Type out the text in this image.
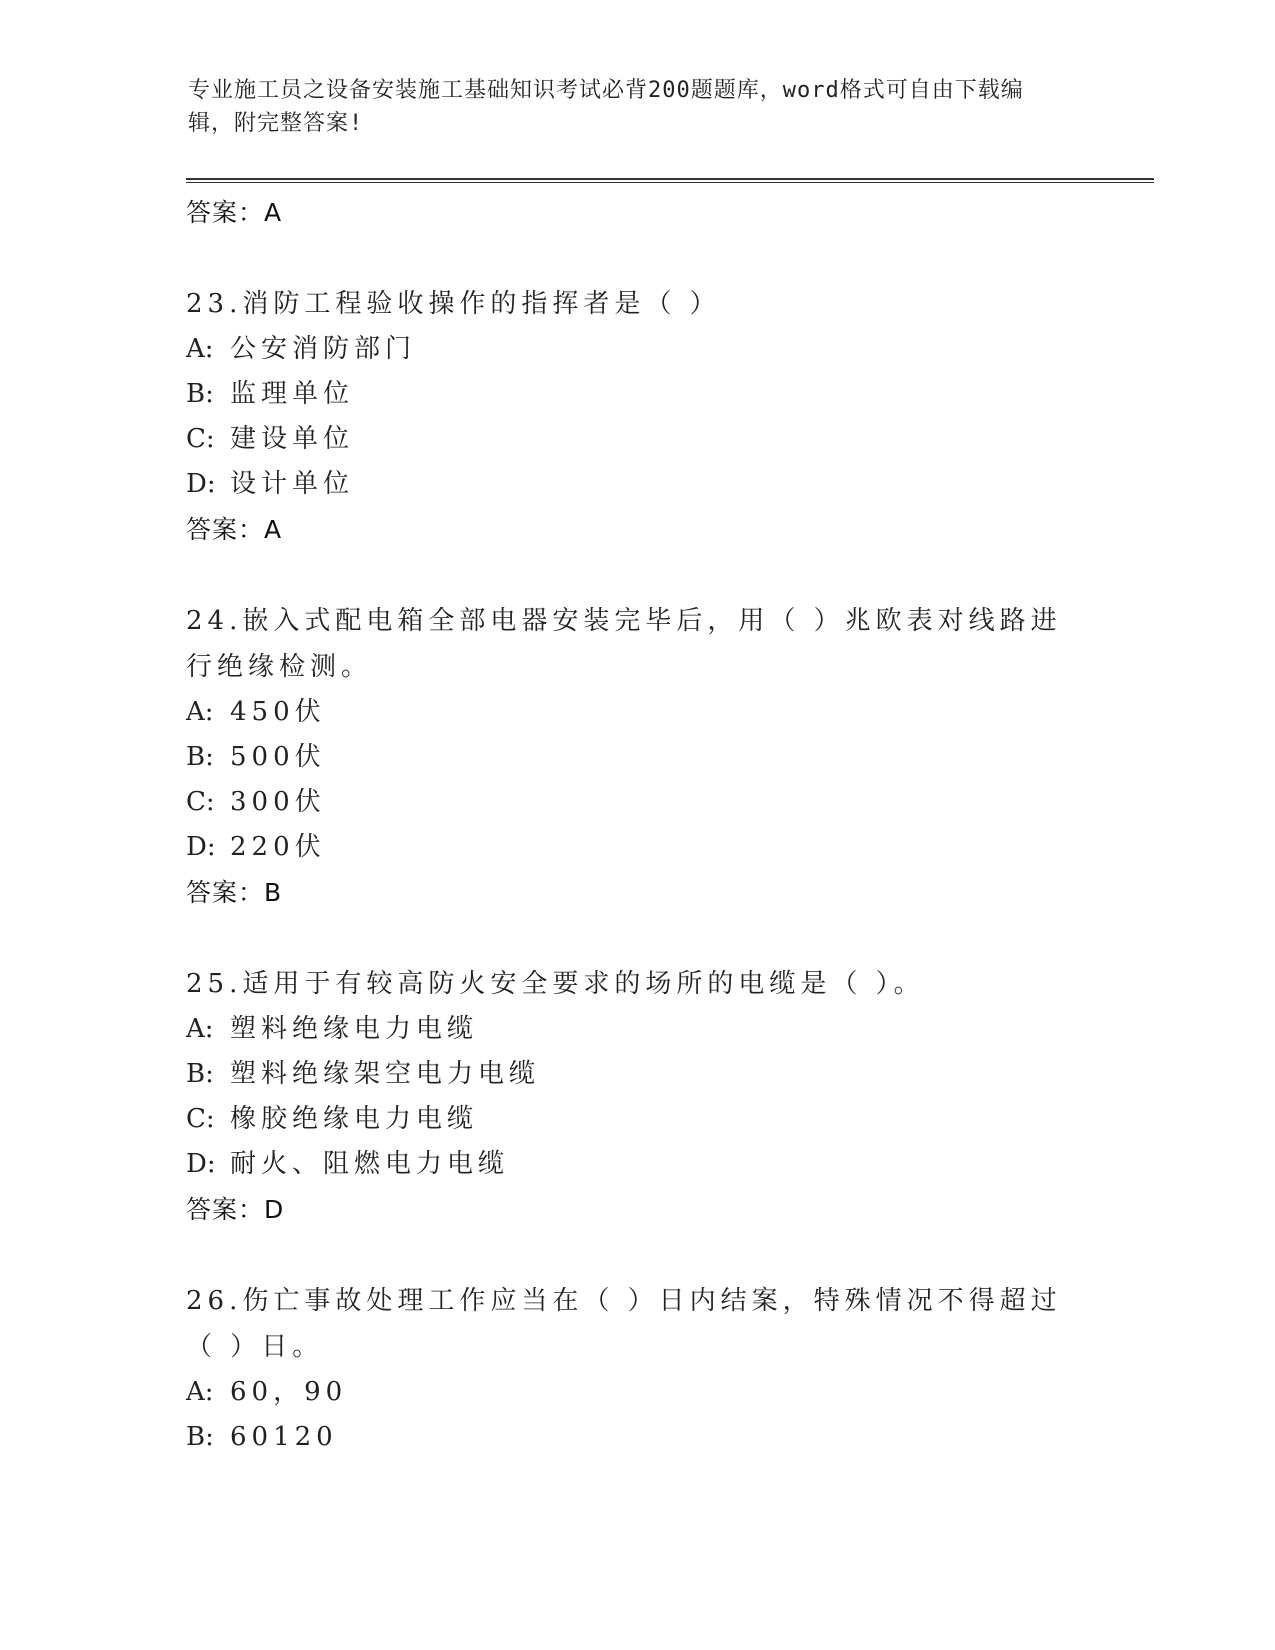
专业施工员之设备安装施工基础知识考试必背200题题库，word格式可自由下载编辑，附完整答案!
答案：A
23.消防工程验收操作的指挥者是（ ）
A: 公安消防部门
B: 监理单位
C: 建设单位
D: 设计单位
答案：A
24.嵌入式配电箱全部电器安装完毕后，用（ ）兆欧表对线路进行绝缘检测。
A: 450伏
B: 500伏
C: 300伏
D: 220伏
答案：B
25.适用于有较高防火安全要求的场所的电缆是（ ）。
A: 塑料绝缘电力电缆
B: 塑料绝缘架空电力电缆
C: 橡胶绝缘电力电缆
D: 耐火、阻燃电力电缆
答案：D
26.伤亡事故处理工作应当在（ ）日内结案，特殊情况不得超过（ ）日。
A: 60，90
B: 60120
